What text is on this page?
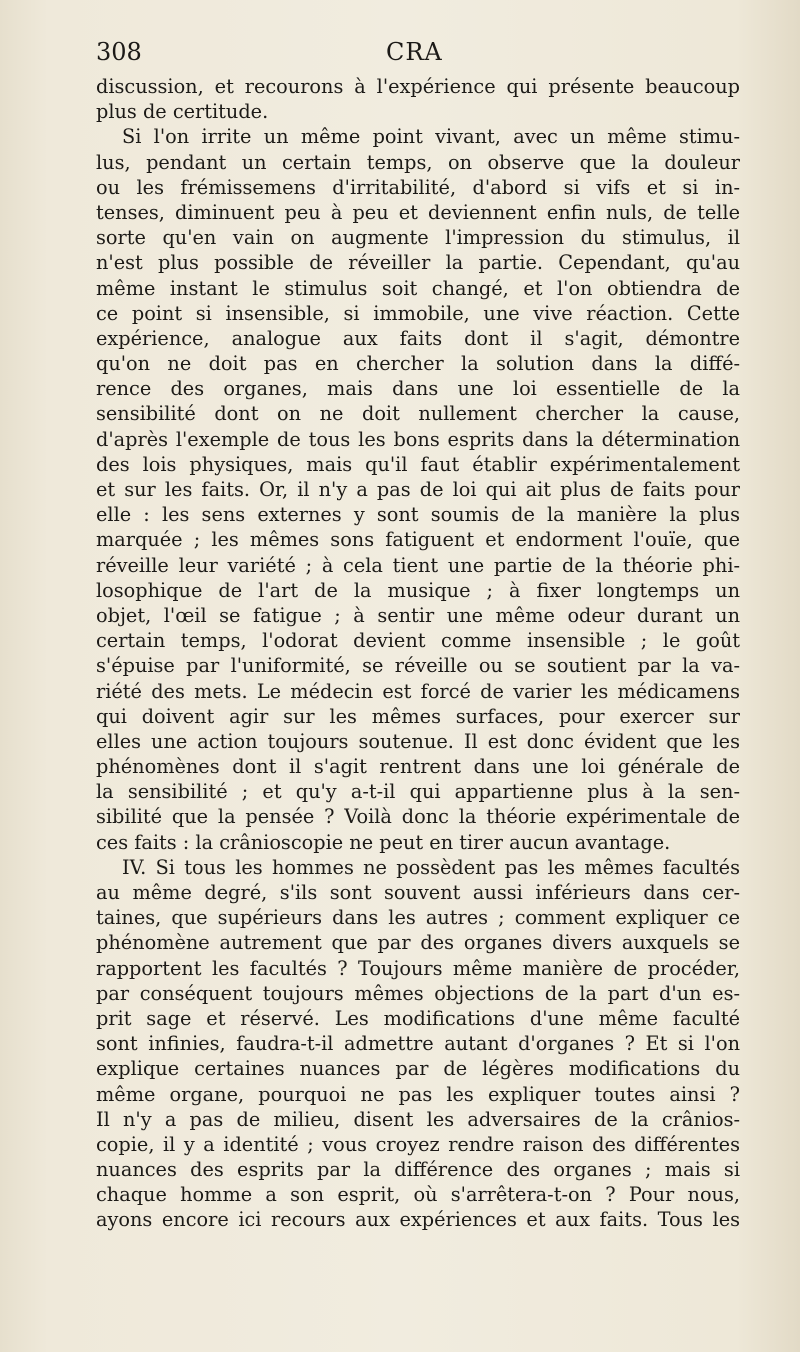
308	CRA
discussion, et recourons à l'expérience qui présente beaucoup
plus de certitude.
Si l'on irrite un même point vivant, avec un même stimu-
lus, pendant un certain temps, on observe que la douleur
ou les frémissemens d'irritabilité, d'abord si vifs et si in-
tenses, diminuent peu à peu et deviennent enfin nuls, de telle
sorte qu'en vain on augmente l'impression du stimulus, il
n'est plus possible de réveiller la partie. Cependant, qu'au
même instant le stimulus soit changé, et l'on obtiendra de
ce point si insensible, si immobile, une vive réaction. Cette
expérience, analogue aux faits dont il s'agit, démontre
qu'on ne doit pas en chercher la solution dans la diffé-
rence des organes, mais dans une loi essentielle de la
sensibilité dont on ne doit nullement chercher la cause,
d'après l'exemple de tous les bons esprits dans la détermination
des lois physiques, mais qu'il faut établir expérimentalement
et sur les faits. Or, il n'y a pas de loi qui ait plus de faits pour
elle : les sens externes y sont soumis de la manière la plus
marquée ; les mêmes sons fatiguent et endorment l'ouïe, que
réveille leur variété ; à cela tient une partie de la théorie phi-
losophique de l'art de la musique ; à fixer longtemps un
objet, l'œil se fatigue ; à sentir une même odeur durant un
certain temps, l'odorat devient comme insensible ; le goût
s'épuise par l'uniformité, se réveille ou se soutient par la va-
riété des mets. Le médecin est forcé de varier les médicamens
qui doivent agir sur les mêmes surfaces, pour exercer sur
elles une action toujours soutenue. Il est donc évident que les
phénomènes dont il s'agit rentrent dans une loi générale de
la sensibilité ; et qu'y a-t-il qui appartienne plus à la sen-
sibilité que la pensée ? Voilà donc la théorie expérimentale de
ces faits : la crânioscopie ne peut en tirer aucun avantage.
IV. Si tous les hommes ne possèdent pas les mêmes facultés
au même degré, s'ils sont souvent aussi inférieurs dans cer-
taines, que supérieurs dans les autres ; comment expliquer ce
phénomène autrement que par des organes divers auxquels se
rapportent les facultés ? Toujours même manière de procéder,
par conséquent toujours mêmes objections de la part d'un es-
prit sage et réservé. Les modifications d'une même faculté
sont infinies, faudra-t-il admettre autant d'organes ? Et si l'on
explique certaines nuances par de légères modifications du
même organe, pourquoi ne pas les expliquer toutes ainsi ?
Il n'y a pas de milieu, disent les adversaires de la crânios-
copie, il y a identité ; vous croyez rendre raison des différentes
nuances des esprits par la différence des organes ; mais si
chaque homme a son esprit, où s'arrêtera-t-on ? Pour nous,
ayons encore ici recours aux expériences et aux faits. Tous les
